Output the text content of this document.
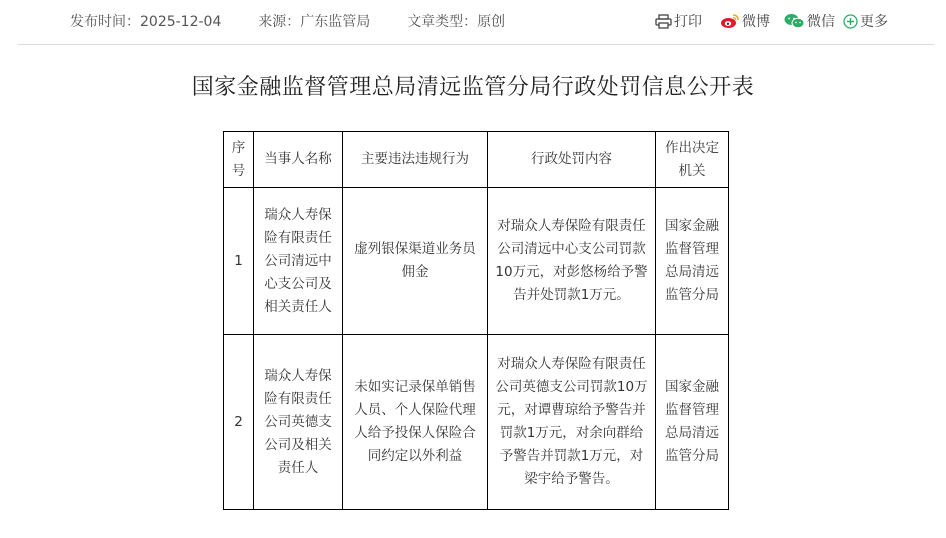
发布时间：2025-12-04	来源：广东监管局	文章类型：原创	打印	微博	微信 更多
国家金融监督管理总局清远监管分局行政处罚信息公开表
序号	当事人名称	主要违法违规行为	行政处罚内容	作出决定机关
1	瑞众人寿保险有限责任公司清远中心支公司及相关责任人	虚列银保渠道业务员佣金	对瑞众人寿保险有限责任公司清远中心支公司罚款10万元，对彭悠杨给予警告并处罚款1万元。	国家金融监督管理总局清远监管分局
2	瑞众人寿保险有限责任公司英德支公司及相关责任人	未如实记录保单销售人员、个人保险代理人给予投保人保险合同约定以外利益	对瑞众人寿保险有限责任公司英德支公司罚款10万元，对谭曹琼给予警告并罚款1万元，对余向群给予警告并罚款1万元，对梁宇给予警告。	国家金融监督管理总局清远监管分局
